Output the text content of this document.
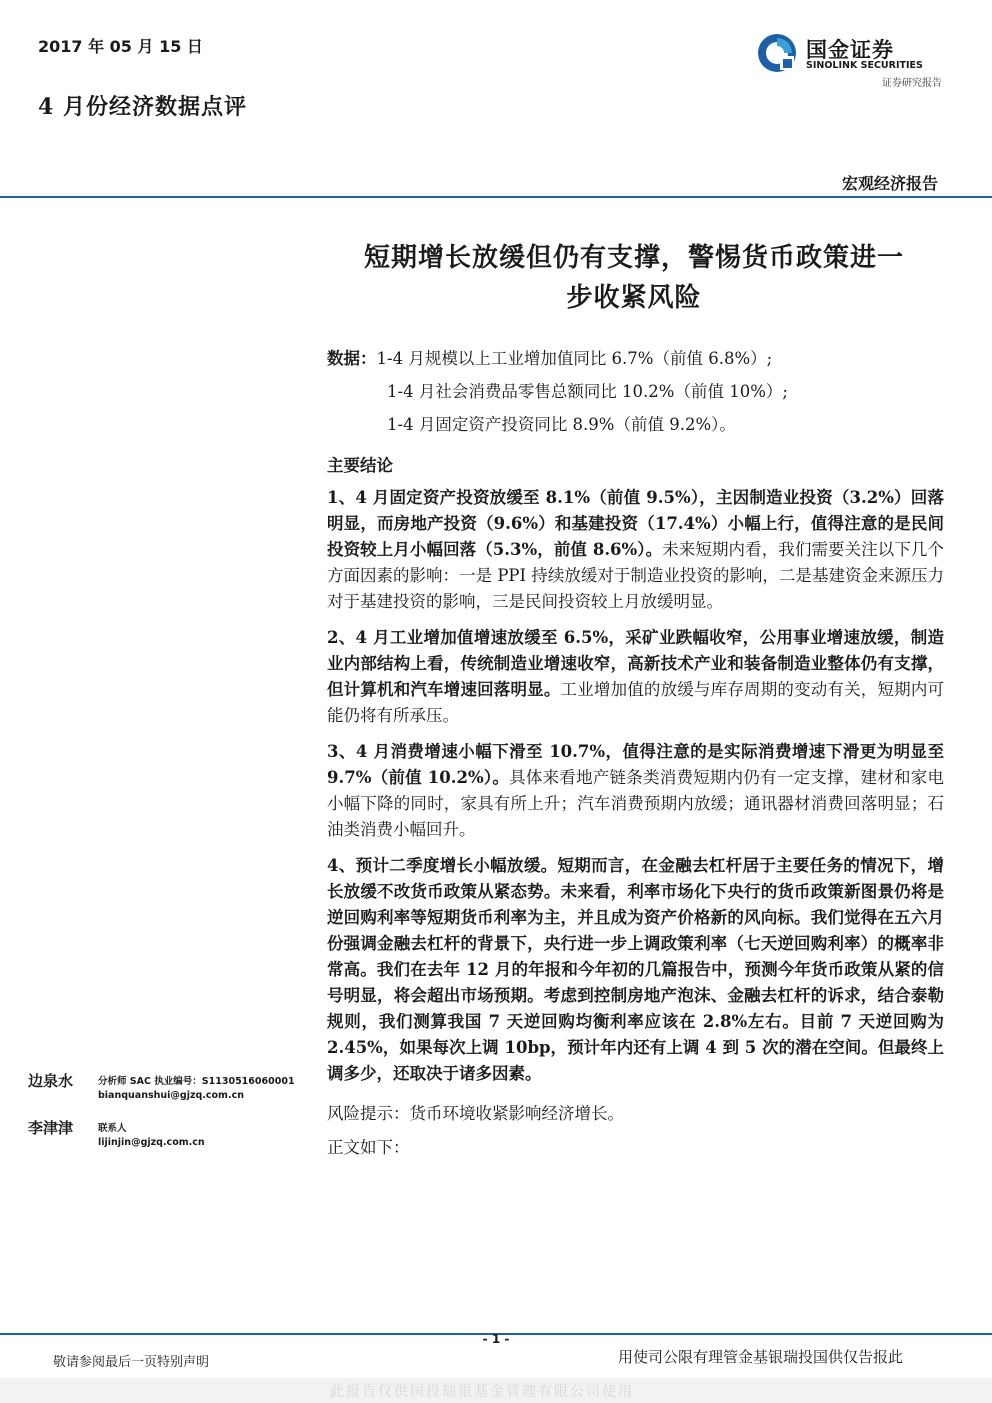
2017 年 05 月 15 日
4 月份经济数据点评
国金证券
SINOLINK SECURITIES
证券研究报告
宏观经济报告
短期增长放缓但仍有支撑，警惕货币政策进一
步收紧风险
数据：1-4 月规模以上工业增加值同比 6.7%（前值 6.8%）;
1-4 月社会消费品零售总额同比 10.2%（前值 10%）;
1-4 月固定资产投资同比 8.9%（前值 9.2%）。
主要结论

1、4 月固定资产投资放缓至 8.1%（前值 9.5%），主因制造业投资（3.2%）回落明显，而房地产投资（9.6%）和基建投资（17.4%）小幅上行，值得注意的是民间投资较上月小幅回落（5.3%，前值 8.6%）。未来短期内看，我们需要关注以下几个方面因素的影响：一是 PPI 持续放缓对于制造业投资的影响，二是基建资金来源压力对于基建投资的影响，三是民间投资较上月放缓明显。

2、4 月工业增加值增速放缓至 6.5%，采矿业跌幅收窄，公用事业增速放缓，制造业内部结构上看，传统制造业增速收窄，高新技术产业和装备制造业整体仍有支撑，但计算机和汽车增速回落明显。工业增加值的放缓与库存周期的变动有关，短期内可能仍将有所承压。

3、4 月消费增速小幅下滑至 10.7%，值得注意的是实际消费增速下滑更为明显至 9.7%（前值 10.2%）。具体来看地产链条类消费短期内仍有一定支撑，建材和家电小幅下降的同时，家具有所上升；汽车消费预期内放缓；通讯器材消费回落明显；石油类消费小幅回升。

4、预计二季度增长小幅放缓。短期而言，在金融去杠杆居于主要任务的情况下，增长放缓不改货币政策从紧态势。未来看，利率市场化下央行的货币政策新图景仍将是逆回购利率等短期货币利率为主，并且成为资产价格新的风向标。我们觉得在五六月份强调金融去杠杆的背景下，央行进一步上调政策利率（七天逆回购利率）的概率非常高。我们在去年 12 月的年报和今年初的几篇报告中，预测今年货币政策从紧的信号明显，将会超出市场预期。考虑到控制房地产泡沫、金融去杠杆的诉求，结合泰勒规则，我们测算我国 7 天逆回购均衡利率应该在 2.8%左右。目前 7 天逆回购为 2.45%，如果每次上调 10bp，预计年内还有上调 4 到 5 次的潜在空间。但最终上调多少，还取决于诸多因素。

风险提示：货币环境收紧影响经济增长。
正文如下：
边泉水	分析师 SAC 执业编号：S1130516060001
bianquanshui@gjzq.com.cn
李津津	联系人
lijinjin@gjzq.com.cn
- 1 -
敬请参阅最后一页特别声明	用使司公限有理管金基银瑞投国供仅告报此
此报告仅供国投瑞银基金管理有限公司使用
